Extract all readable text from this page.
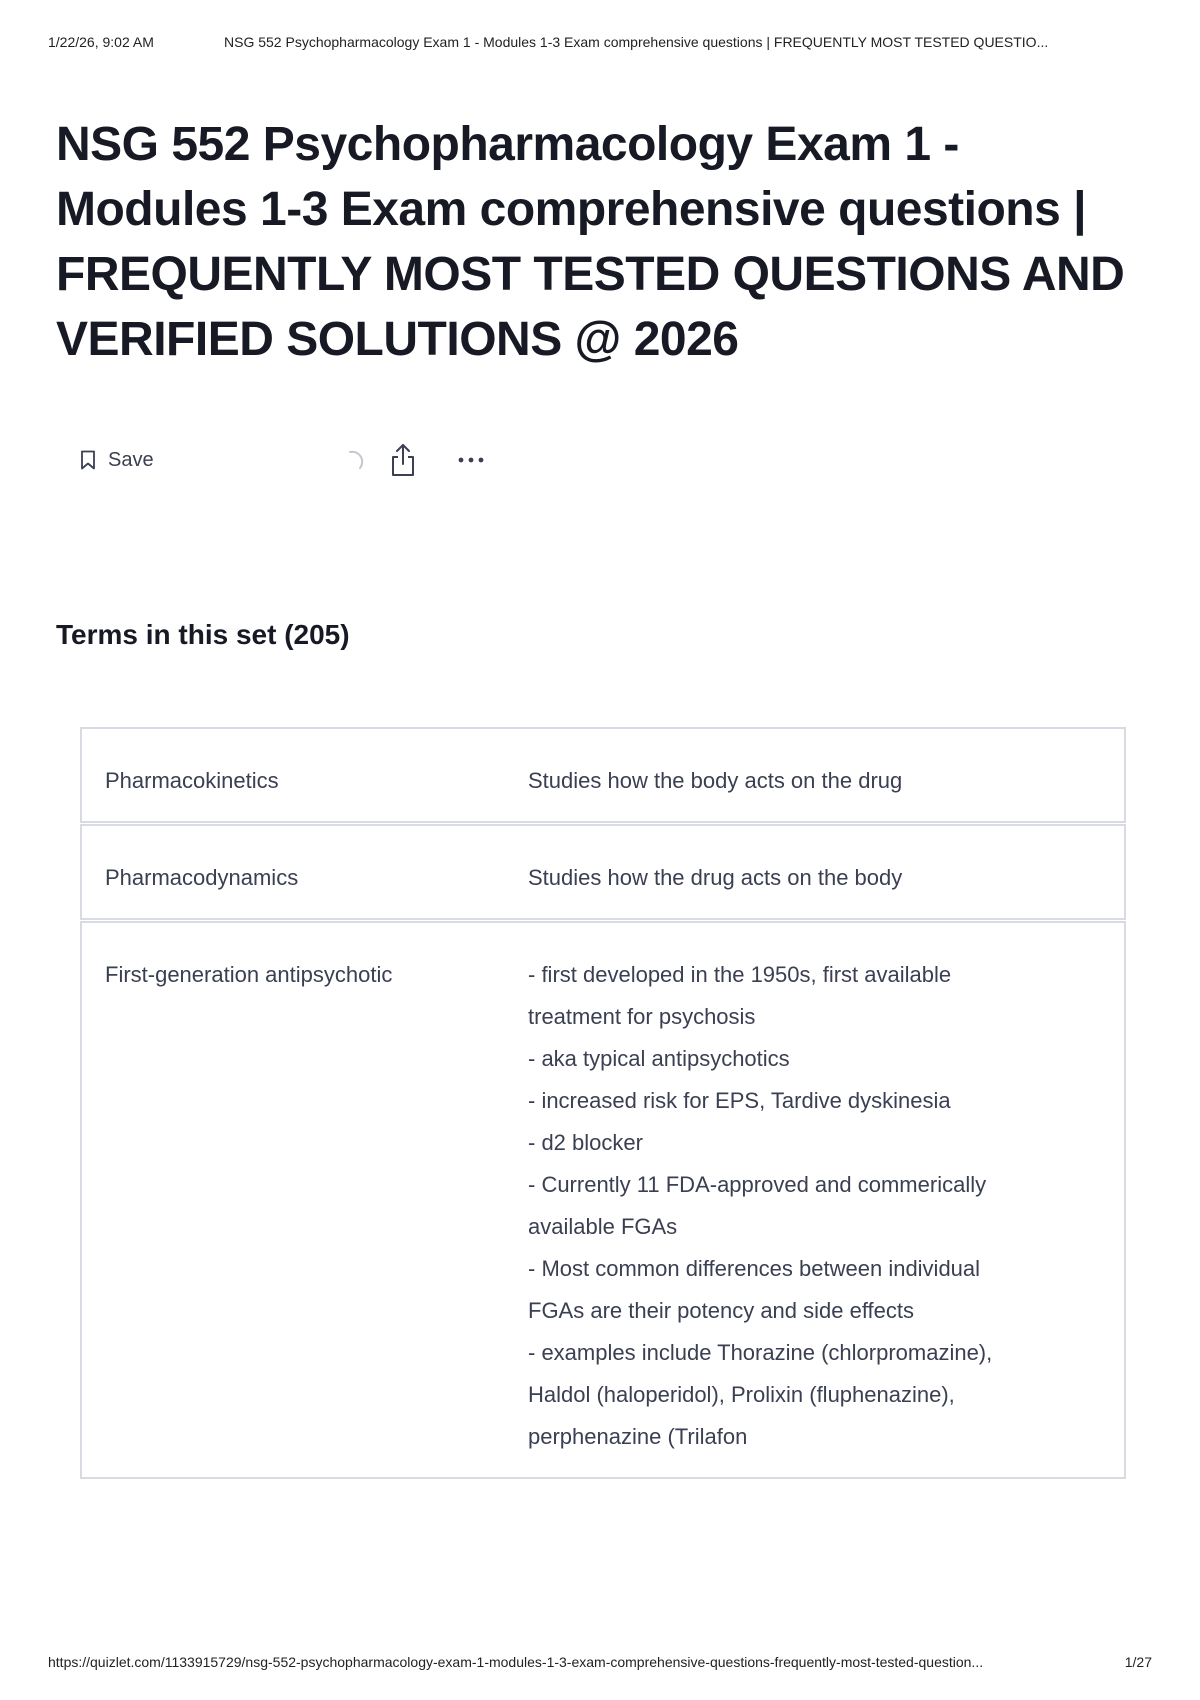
1/22/26, 9:02 AM	NSG 552 Psychopharmacology Exam 1 - Modules 1-3 Exam comprehensive questions | FREQUENTLY MOST TESTED QUESTIO...
NSG 552 Psychopharmacology Exam 1 - Modules 1-3 Exam comprehensive questions | FREQUENTLY MOST TESTED QUESTIONS AND VERIFIED SOLUTIONS @ 2026
Save
Terms in this set (205)
Pharmacokinetics	Studies how the body acts on the drug
Pharmacodynamics	Studies how the drug acts on the body
First-generation antipsychotic	- first developed in the 1950s, first available
treatment for psychosis
- aka typical antipsychotics
- increased risk for EPS, Tardive dyskinesia
- d2 blocker
- Currently 11 FDA-approved and commerically
available FGAs
- Most common differences between individual
FGAs are their potency and side effects
- examples include Thorazine (chlorpromazine),
Haldol (haloperidol), Prolixin (fluphenazine),
perphenazine (Trilafon
https://quizlet.com/1133915729/nsg-552-psychopharmacology-exam-1-modules-1-3-exam-comprehensive-questions-frequently-most-tested-question...	1/27
